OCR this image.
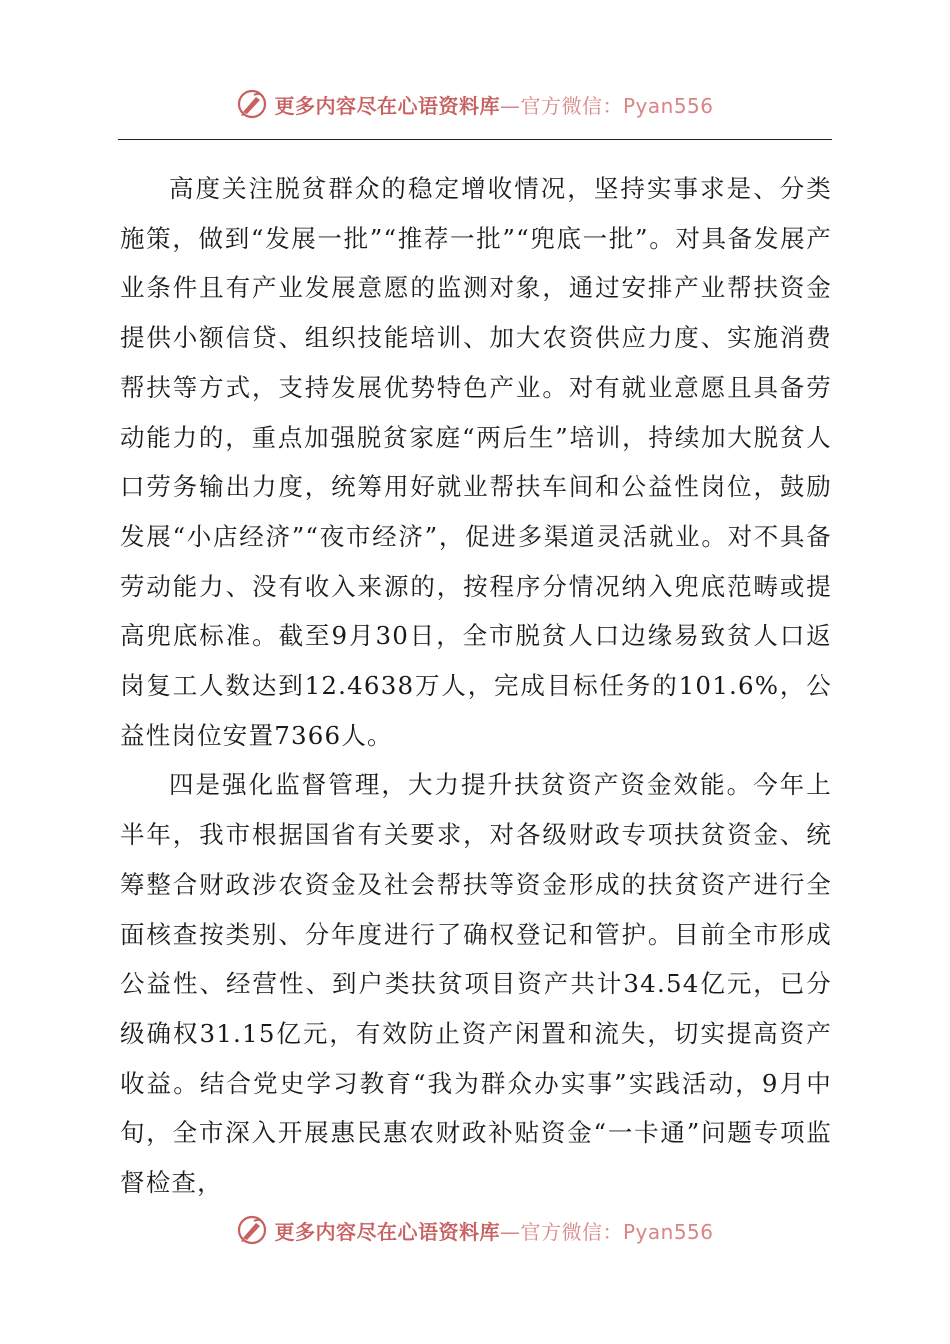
更多内容尽在心语资料库—官方微信：Pyan556

高度关注脱贫群众的稳定增收情况，坚持实事求是、分类施策，做到“发展一批”“推荐一批”“兜底一批”。对具备发展产业条件且有产业发展意愿的监测对象，通过安排产业帮扶资金提供小额信贷、组织技能培训、加大农资供应力度、实施消费帮扶等方式，支持发展优势特色产业。对有就业意愿且具备劳动能力的，重点加强脱贫家庭“两后生”培训，持续加大脱贫人口劳务输出力度，统筹用好就业帮扶车间和公益性岗位，鼓励发展“小店经济”“夜市经济”，促进多渠道灵活就业。对不具备劳动能力、没有收入来源的，按程序分情况纳入兜底范畴或提高兜底标准。截至9月30日，全市脱贫人口边缘易致贫人口返岗复工人数达到12.4638万人，完成目标任务的101.6%，公益性岗位安置7366人。

四是强化监督管理，大力提升扶贫资产资金效能。今年上半年，我市根据国省有关要求，对各级财政专项扶贫资金、统筹整合财政涉农资金及社会帮扶等资金形成的扶贫资产进行全面核查按类别、分年度进行了确权登记和管护。目前全市形成公益性、经营性、到户类扶贫项目资产共计34.54亿元，已分级确权31.15亿元，有效防止资产闲置和流失，切实提高资产收益。结合党史学习教育“我为群众办实事”实践活动，9月中旬，全市深入开展惠民惠农财政补贴资金“一卡通”问题专项监督检查，

更多内容尽在心语资料库—官方微信：Pyan556
